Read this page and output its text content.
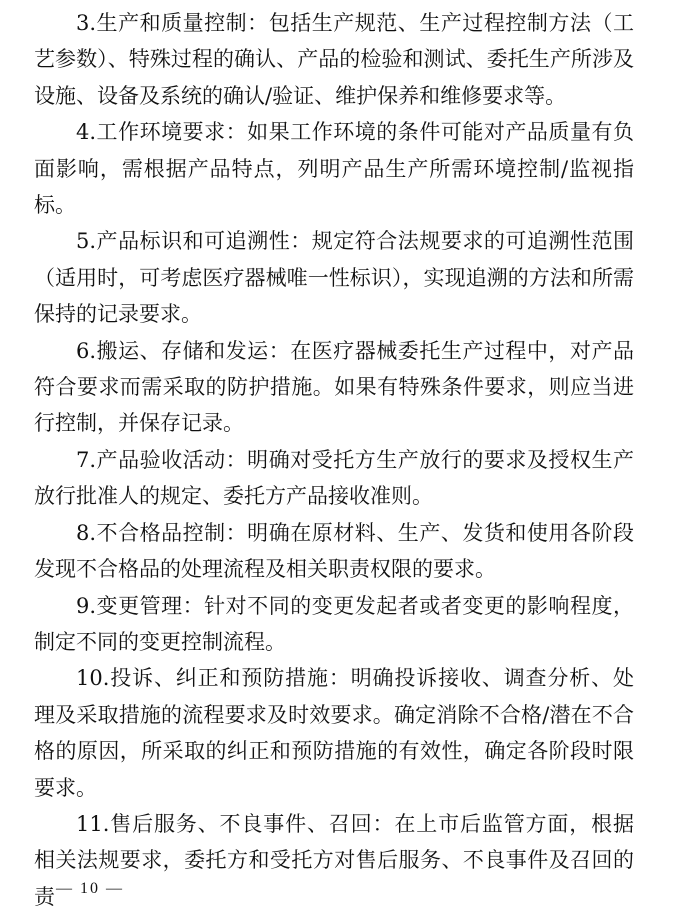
3.生产和质量控制：包括生产规范、生产过程控制方法（工艺参数）、特殊过程的确认、产品的检验和测试、委托生产所涉及设施、设备及系统的确认/验证、维护保养和维修要求等。

4.工作环境要求：如果工作环境的条件可能对产品质量有负面影响，需根据产品特点，列明产品生产所需环境控制/监视指标。

5.产品标识和可追溯性：规定符合法规要求的可追溯性范围（适用时，可考虑医疗器械唯一性标识），实现追溯的方法和所需保持的记录要求。

6.搬运、存储和发运：在医疗器械委托生产过程中，对产品符合要求而需采取的防护措施。如果有特殊条件要求，则应当进行控制，并保存记录。

7.产品验收活动：明确对受托方生产放行的要求及授权生产放行批准人的规定、委托方产品接收准则。

8.不合格品控制：明确在原材料、生产、发货和使用各阶段发现不合格品的处理流程及相关职责权限的要求。

9.变更管理：针对不同的变更发起者或者变更的影响程度，制定不同的变更控制流程。

10.投诉、纠正和预防措施：明确投诉接收、调查分析、处理及采取措施的流程要求及时效要求。确定消除不合格/潜在不合格的原因，所采取的纠正和预防措施的有效性，确定各阶段时限要求。

11.售后服务、不良事件、召回：在上市后监管方面，根据相关法规要求，委托方和受托方对售后服务、不良事件及召回的责 — 10 —
